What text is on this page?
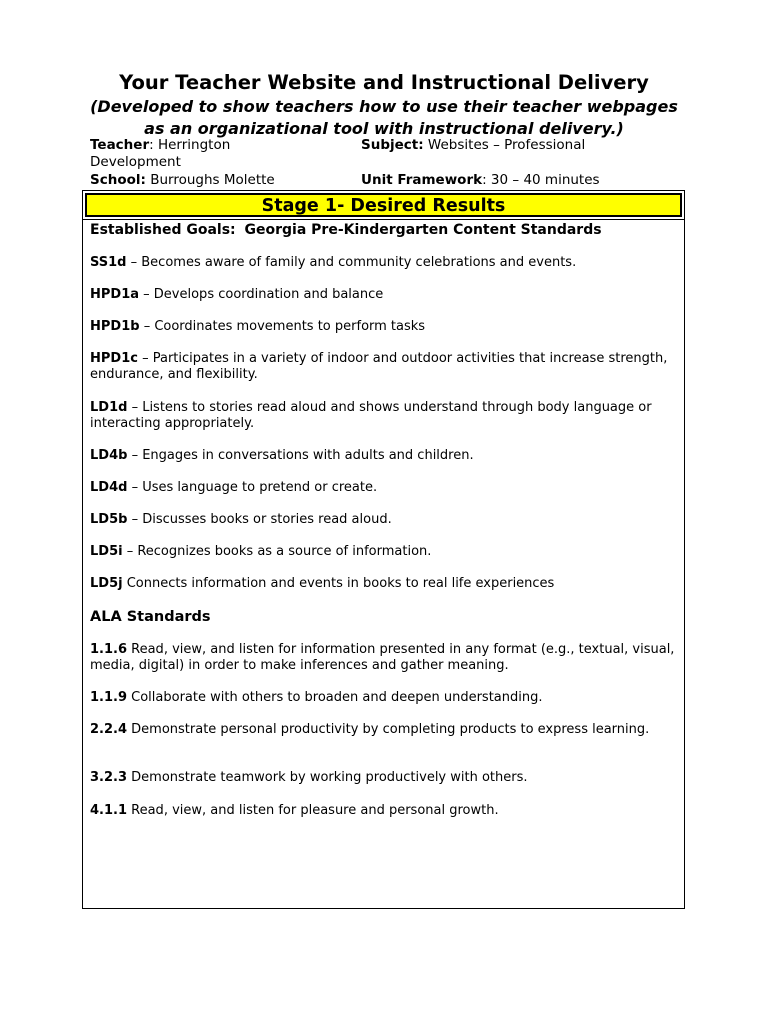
Your Teacher Website and Instructional Delivery
(Developed to show teachers how to use their teacher webpages
as an organizational tool with instructional delivery.)
Teacher: Herrington
Development
Subject: Websites – Professional
School: Burroughs Molette	Unit Framework: 30 – 40 minutes
Stage 1- Desired Results
Established Goals: Georgia Pre-Kindergarten Content Standards
SS1d – Becomes aware of family and community celebrations and events.
HPD1a – Develops coordination and balance
HPD1b – Coordinates movements to perform tasks
HPD1c – Participates in a variety of indoor and outdoor activities that increase strength, endurance, and flexibility.
LD1d – Listens to stories read aloud and shows understand through body language or interacting appropriately.
LD4b – Engages in conversations with adults and children.
LD4d – Uses language to pretend or create.
LD5b – Discusses books or stories read aloud.
LD5i – Recognizes books as a source of information.
LD5j Connects information and events in books to real life experiences
ALA Standards
1.1.6 Read, view, and listen for information presented in any format (e.g., textual, visual, media, digital) in order to make inferences and gather meaning.
1.1.9 Collaborate with others to broaden and deepen understanding.
2.2.4 Demonstrate personal productivity by completing products to express learning.
3.2.3 Demonstrate teamwork by working productively with others.
4.1.1 Read, view, and listen for pleasure and personal growth.
